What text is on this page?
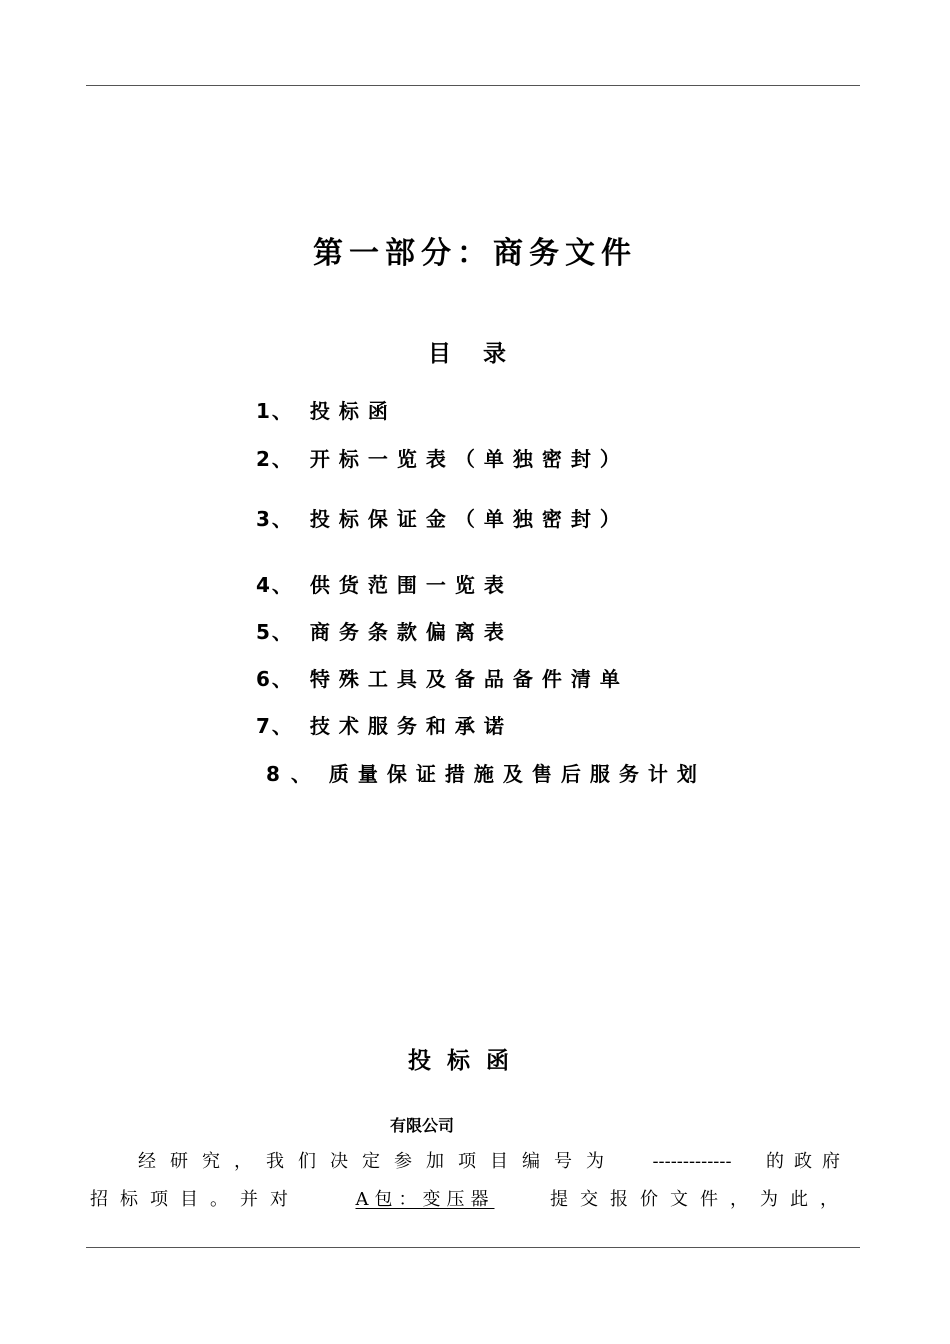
第一部分：商务文件
目    录
1、 投标函
2、 开标一览表（单独密封）
3、 投标保证金（单独密封）
4、 供货范围一览表
5、 商务条款偏离表
6、 特殊工具及备品备件清单
7、 技术服务和承诺
8 、 质量保证措施及售后服务计划
投  标  函
有限公司
经研究，我们决定参加项目编号为 ------------- 的政府
招标项目。并对	A包：变压器	提交报价文件，为此，
